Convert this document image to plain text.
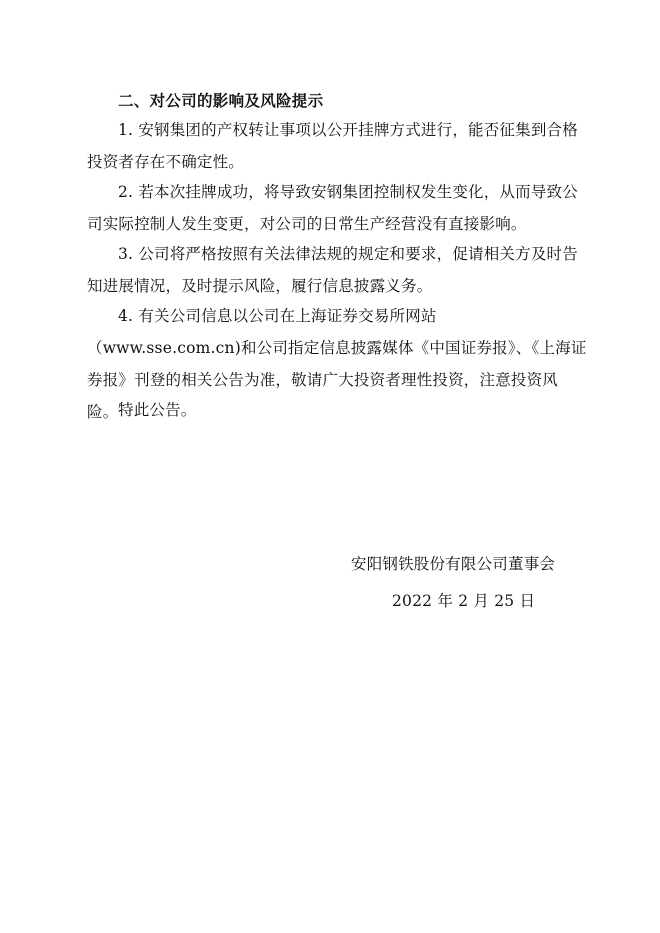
二、对公司的影响及风险提示

1. 安钢集团的产权转让事项以公开挂牌方式进行，能否征集到合格投资者存在不确定性。

2. 若本次挂牌成功，将导致安钢集团控制权发生变化，从而导致公司实际控制人发生变更，对公司的日常生产经营没有直接影响。

3. 公司将严格按照有关法律法规的规定和要求，促请相关方及时告知进展情况，及时提示风险，履行信息披露义务。

4. 有关公司信息以公司在上海证券交易所网站（www.sse.com.cn)和公司指定信息披露媒体《中国证券报》、《上海证券报》刊登的相关公告为准，敬请广大投资者理性投资，注意投资风险。 特此公告。

安阳钢铁股份有限公司董事会
2022 年 2 月 25 日
